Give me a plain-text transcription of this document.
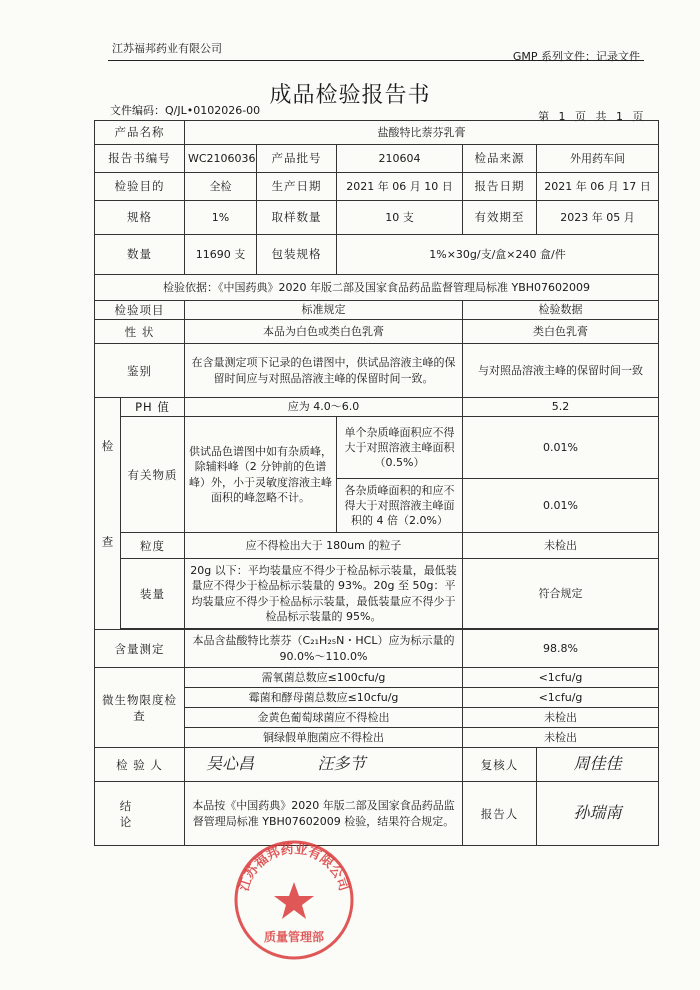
江苏福邦药业有限公司
GMP 系列文件：记录文件
成品检验报告书
文件编码：Q/JL•0102026-00	第 1 页 共 1 页
产品名称		盐酸特比萘芬乳膏				
报告书编号		WC2106036	产品批号	210604	检品来源	外用药车间
检验目的		全检	生产日期	2021 年 06 月 10 日	报告日期	2021 年 06 月 17 日
规格		1%	取样数量	10 支	有效期至	2023 年 05 月
数量		11690 支	包装规格	1%×30g/支/盒×240 盒/件		
检验依据：《中国药典》2020 年版二部及国家食品药品监督管理局标准 YBH07602009						
检验项目		标准规定			检验数据	
性 状		本品为白色或类白色乳膏			类白色乳膏	
鉴别		在含量测定项下记录的色谱图中，供试品溶液主峰的保留时间应与对照品溶液主峰的保留时间一致。			与对照品溶液主峰的保留时间一致	
检 查	PH 值	应为 4.0～6.0			5.2	
	有关物质	供试品色谱图中如有杂质峰，除辅料峰（2 分钟前的色谱峰）外，小于灵敏度溶液主峰面积的峰忽略不计。		单个杂质峰面积应不得大于对照溶液主峰面积（0.5%）	0.01%	
				各杂质峰面积的和应不得大于对照溶液主峰面积的 4 倍（2.0%）	0.01%	
	粒度	应不得检出大于 180um 的粒子			未检出	
	装量	20g 以下：平均装量应不得少于检品标示装量，最低装量应不得少于检品标示装量的 93%。20g 至 50g：平均装量应不得少于检品标示装量，最低装量应不得少于检品标示装量的 95%。			符合规定	

含量测定		本品含盐酸特比萘芬（C₂₁H₂₅N・HCL）应为标示量的 90.0%～110.0%			98.8%	
微生物限度检查		需氧菌总数应≤100cfu/g			<1cfu/g	
		霉菌和酵母菌总数应≤10cfu/g			<1cfu/g	
		金黄色葡萄球菌应不得检出			未检出	
		铜绿假单胞菌应不得检出			未检出	
检 验 人		吴心昌 汪多节			复核人	周佳佳
结 论		本品按《中国药典》2020 年版二部及国家食品药品监督管理局标准 YBH07602009 检验，结果符合规定。			报告人	孙瑞南
江苏福邦药业有限公司
质量管理部
